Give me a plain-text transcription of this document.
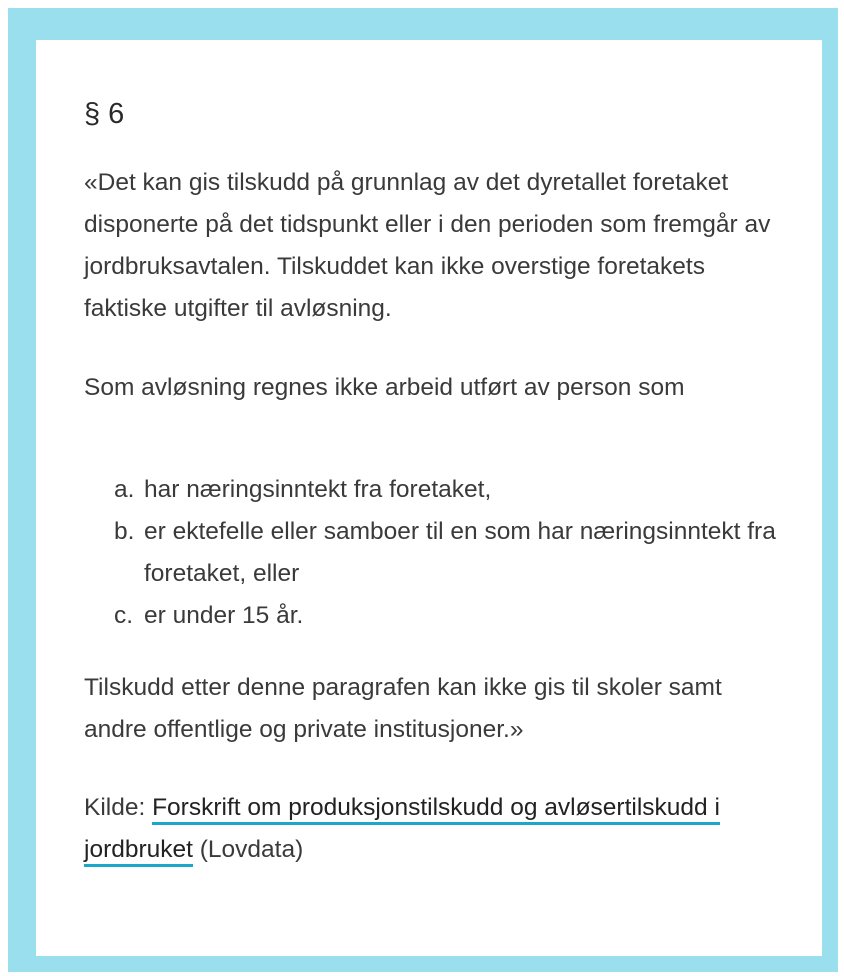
§ 6

«Det kan gis tilskudd på grunnlag av det dyretallet foretaket disponerte på det tidspunkt eller i den perioden som fremgår av jordbruksavtalen. Tilskuddet kan ikke overstige foretakets faktiske utgifter til avløsning.

Som avløsning regnes ikke arbeid utført av person som

a. har næringsinntekt fra foretaket,
b. er ektefelle eller samboer til en som har næringsinntekt fra foretaket, eller
c. er under 15 år.

Tilskudd etter denne paragrafen kan ikke gis til skoler samt andre offentlige og private institusjoner.»

Kilde: Forskrift om produksjonstilskudd og avløsertilskudd i jordbruket (Lovdata)
